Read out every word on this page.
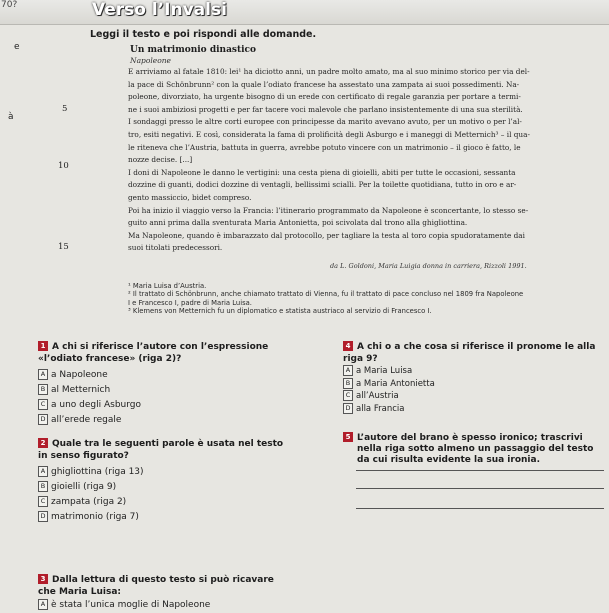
70?	Verso l’Invalsi
Leggi il testo e poi rispondi alle domande.
Un matrimonio dinastico
Napoleone
e
à
5
10
15
E arriviamo al fatale 1810: lei¹ ha diciotto anni, un padre molto amato, ma al suo minimo storico per via del-
la pace di Schönbrunn² con la quale l’odiato francese ha assestato una zampata ai suoi possedimenti. Na-
poleone, divorziato, ha urgente bisogno di un erede con certificato di regale garanzia per portare a termi-
ne i suoi ambiziosi progetti e per far tacere voci malevole che parlano insistentemente di una sua sterilità.
I sondaggi presso le altre corti europee con principesse da marito avevano avuto, per un motivo o per l’al-
tro, esiti negativi. E così, considerata la fama di prolificità degli Asburgo e i maneggi di Metternich³ – il qua-
le riteneva che l’Austria, battuta in guerra, avrebbe potuto vincere con un matrimonio – il gioco è fatto, le
nozze decise. [...]
I doni di Napoleone le danno le vertigini: una cesta piena di gioielli, abiti per tutte le occasioni, sessanta
dozzine di guanti, dodici dozzine di ventagli, bellissimi scialli. Per la toilette quotidiana, tutto in oro e ar-
gento massiccio, bidet compreso.
Poi ha inizio il viaggio verso la Francia: l’itinerario programmato da Napoleone è sconcertante, lo stesso se-
guito anni prima dalla sventurata Maria Antonietta, poi scivolata dal trono alla ghigliottina.
Ma Napoleone, quando è imbarazzato dal protocollo, per tagliare la testa al toro copia spudoratamente dai
suoi titolati predecessori.
da L. Goldoni, Maria Luigia donna in carriera, Rizzoli 1991.
¹ Maria Luisa d’Austria.
² Il trattato di Schönbrunn, anche chiamato trattato di Vienna, fu il trattato di pace concluso nel 1809 fra Napoleone
I e Francesco I, padre di Maria Luisa.
³ Klemens von Metternich fu un diplomatico e statista austriaco al servizio di Francesco I.
1 A chi si riferisce l’autore con l’espressione
«l’odiato francese» (riga 2)?
A a Napoleone
B al Metternich
C a uno degli Asburgo
D all’erede regale
2 Quale tra le seguenti parole è usata nel testo
in senso figurato?
A ghigliottina (riga 13)
B gioielli (riga 9)
C zampata (riga 2)
D matrimonio (riga 7)
3 Dalla lettura di questo testo si può ricavare
che Maria Luisa:
A è stata l’unica moglie di Napoleone
4 A chi o a che cosa si riferisce il pronome le alla
riga 9?
A a Maria Luisa
B a Maria Antonietta
C all’Austria
D alla Francia
5 L’autore del brano è spesso ironico; trascrivi
nella riga sotto almeno un passaggio del testo
da cui risulta evidente la sua ironia.
